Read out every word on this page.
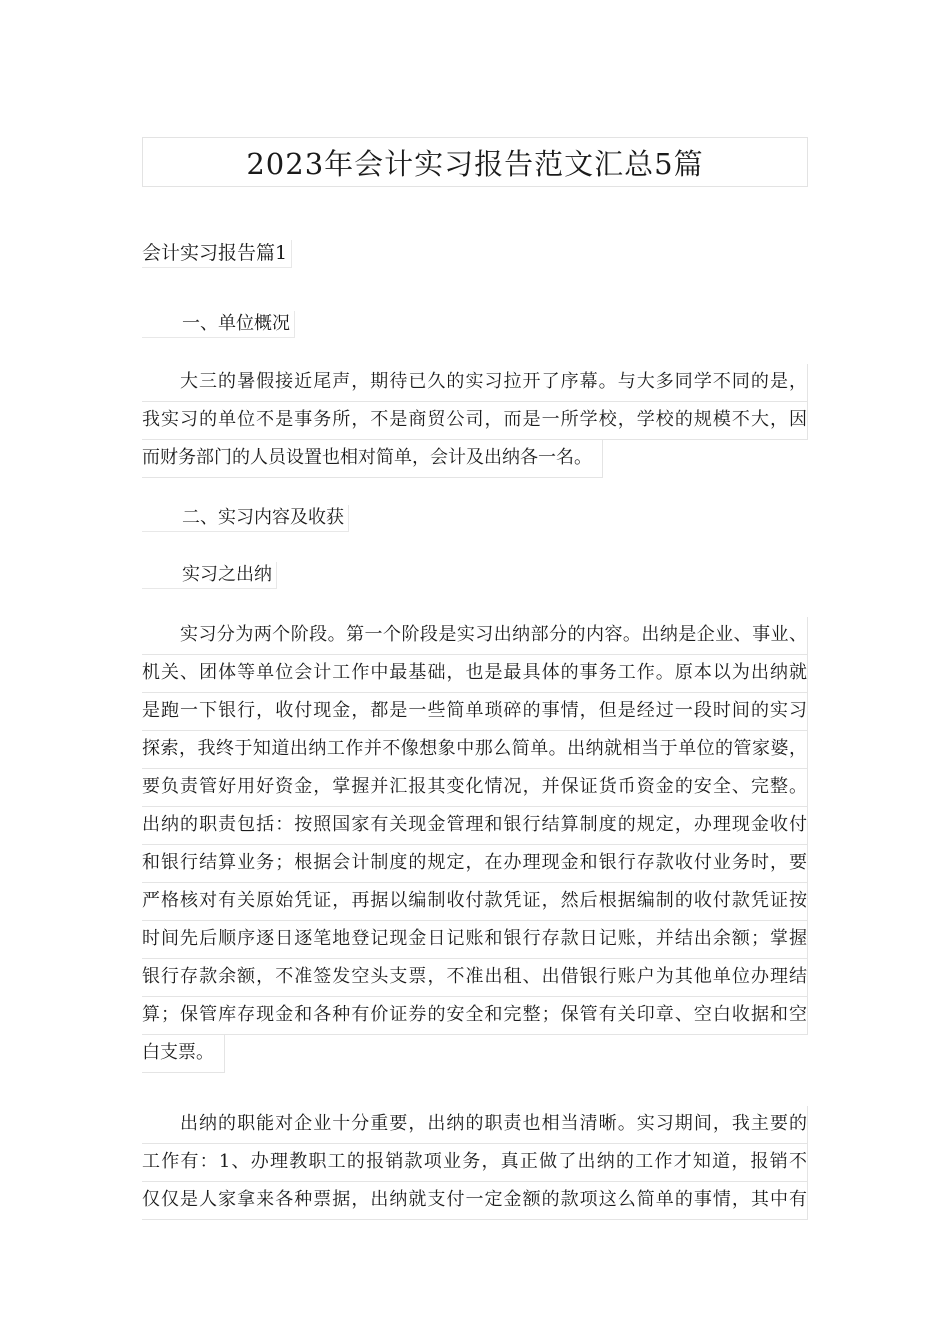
2023年会计实习报告范文汇总5篇
会计实习报告篇1
一、单位概况
大三的暑假接近尾声，期待已久的实习拉开了序幕。与大多同学不同的是，
我实习的单位不是事务所，不是商贸公司，而是一所学校，学校的规模不大，因
而财务部门的人员设置也相对简单，会计及出纳各一名。
二、实习内容及收获
实习之出纳
实习分为两个阶段。第一个阶段是实习出纳部分的内容。出纳是企业、事业、
机关、团体等单位会计工作中最基础，也是最具体的事务工作。原本以为出纳就
是跑一下银行，收付现金，都是一些简单琐碎的事情，但是经过一段时间的实习
探索，我终于知道出纳工作并不像想象中那么简单。出纳就相当于单位的管家婆，
要负责管好用好资金，掌握并汇报其变化情况，并保证货币资金的安全、完整。
出纳的职责包括：按照国家有关现金管理和银行结算制度的规定，办理现金收付
和银行结算业务；根据会计制度的规定，在办理现金和银行存款收付业务时，要
严格核对有关原始凭证，再据以编制收付款凭证，然后根据编制的收付款凭证按
时间先后顺序逐日逐笔地登记现金日记账和银行存款日记账，并结出余额；掌握
银行存款余额，不准签发空头支票，不准出租、出借银行账户为其他单位办理结
算；保管库存现金和各种有价证券的安全和完整；保管有关印章、空白收据和空
白支票。
出纳的职能对企业十分重要，出纳的职责也相当清晰。实习期间，我主要的
工作有：1、办理教职工的报销款项业务，真正做了出纳的工作才知道，报销不
仅仅是人家拿来各种票据，出纳就支付一定金额的款项这么简单的事情，其中有
